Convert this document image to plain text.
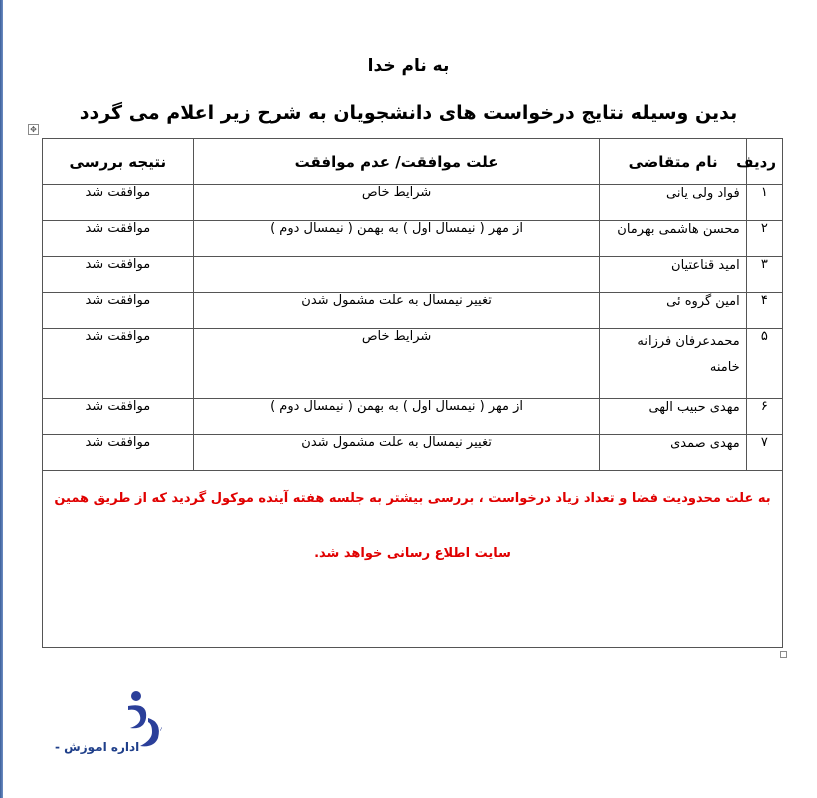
به نام خدا
بدین وسیله نتایج درخواست های دانشجویان به شرح زیر اعلام می گردد
✥
ردیف	نام متقاضی	علت موافقت/ عدم موافقت	نتیجه بررسی
۱	فواد ولی یانی	شرایط خاص	موافقت شد
۲	محسن هاشمی بهرمان	از مهر ( نیمسال اول ) به بهمن ( نیمسال دوم )	موافقت شد
۳	امید قناعتیان		موافقت شد
۴	امین گروه ئی	تغییر نیمسال به علت مشمول شدن	موافقت شد
۵	محمدعرفان فرزانه خامنه	شرایط خاص	موافقت شد
۶	مهدی حبیب الهی	از مهر ( نیمسال اول ) به بهمن ( نیمسال دوم )	موافقت شد
۷	مهدی صمدی	تغییر نیمسال به علت مشمول شدن	موافقت شد
به علت محدودیت فضا و تعداد زیاد درخواست ، بررسی بیشتر به جلسه هفته آینده موکول گردید که از طریق همین سایت اطلاع رسانی خواهد شد.			
~
اداره اموزش -
